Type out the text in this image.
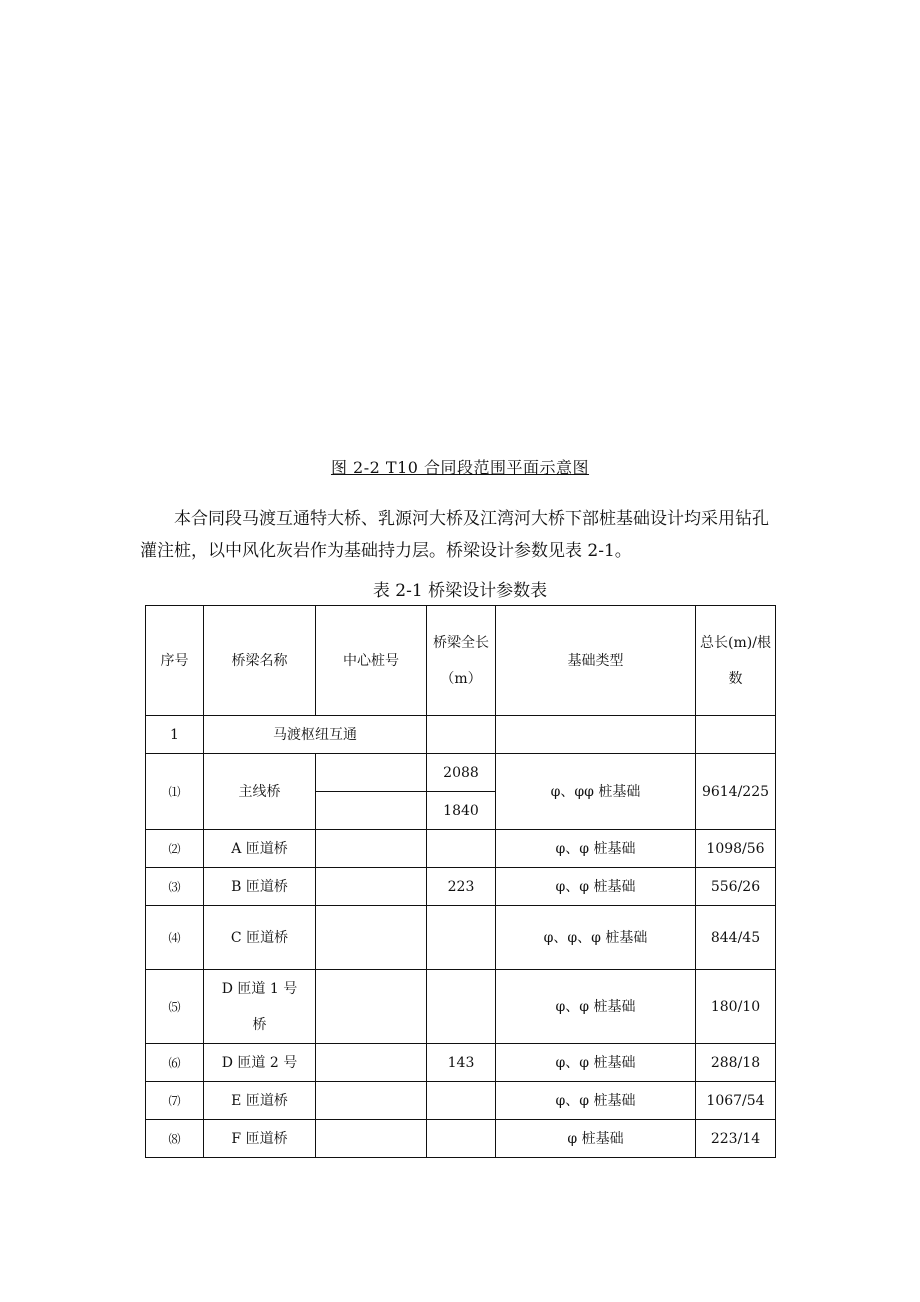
图 2-2 T10 合同段范围平面示意图

本合同段马渡互通特大桥、乳源河大桥及江湾河大桥下部桩基础设计均采用钻孔灌注桩，以中风化灰岩作为基础持力层。桥梁设计参数见表 2-1。

表 2-1 桥梁设计参数表
序号	桥梁名称	中心桩号	桥梁全长（m）	基础类型	总长(m)/根数
1	马渡枢纽互通				
⑴	主线桥		2088	φ、φφ 桩基础	9614/225
			1840		
⑵	A 匝道桥			φ、φ 桩基础	1098/56
⑶	B 匝道桥		223	φ、φ 桩基础	556/26
⑷	C 匝道桥			φ、φ、φ 桩基础	844/45
⑸	D 匝道 1 号桥			φ、φ 桩基础	180/10
⑹	D 匝道 2 号		143	φ、φ 桩基础	288/18
⑺	E 匝道桥			φ、φ 桩基础	1067/54
⑻	F 匝道桥			φ 桩基础	223/14
